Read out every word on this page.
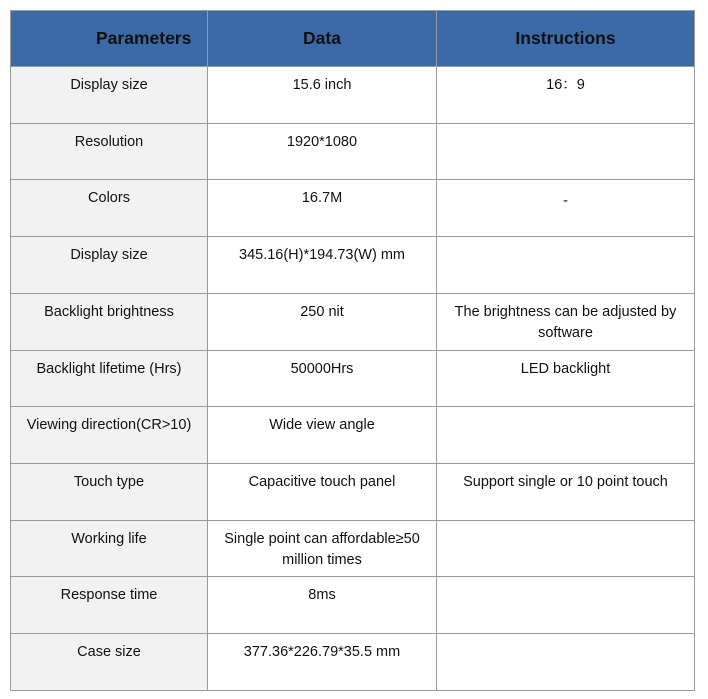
Parameters	Data	Instructions
Display size	15.6 inch	16：9
Resolution	1920*1080
Colors	16.7M	-
Display size	345.16(H)*194.73(W) mm
Backlight brightness	250 nit	The brightness can be adjusted by software
Backlight lifetime (Hrs)	50000Hrs	LED backlight
Viewing direction(CR>10)	Wide view angle
Touch type	Capacitive touch panel	Support single or 10 point touch
Working life	Single point can affordable≥50 million times
Response time	8ms
Case size	377.36*226.79*35.5 mm
